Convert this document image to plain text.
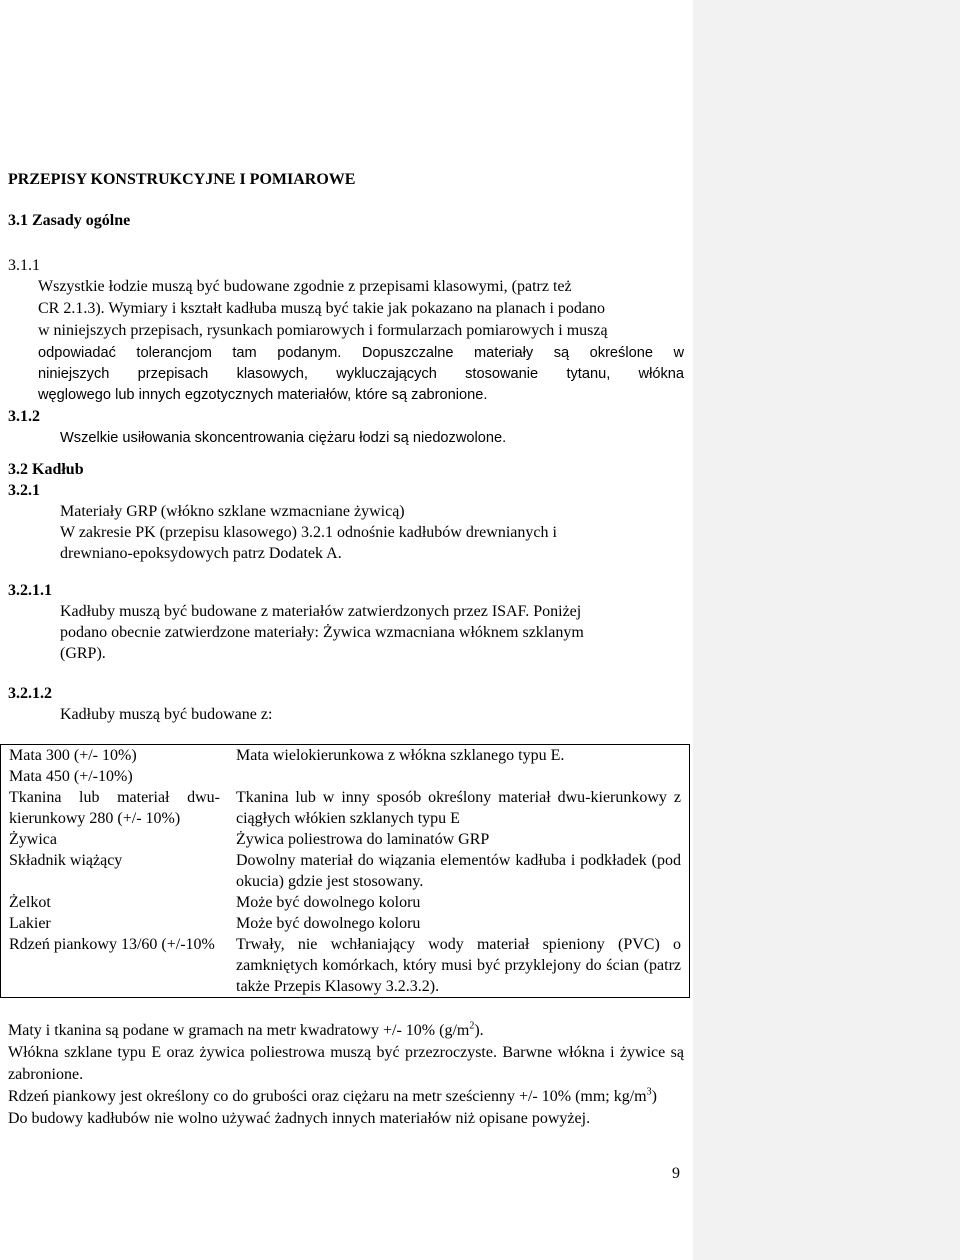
PRZEPISY KONSTRUKCYJNE I POMIAROWE
3.1 Zasady ogólne
3.1.1
Wszystkie łodzie muszą być budowane zgodnie z przepisami klasowymi, (patrz też
CR 2.1.3). Wymiary i kształt kadłuba muszą być takie jak pokazano na planach i podano
w niniejszych przepisach, rysunkach pomiarowych i formularzach pomiarowych i muszą
odpowiadać tolerancjom tam podanym. Dopuszczalne materiały są określone w
niniejszych przepisach klasowych, wykluczających stosowanie tytanu, włókna
węglowego lub innych egzotycznych materiałów, które są zabronione.
3.1.2
Wszelkie usiłowania skoncentrowania ciężaru łodzi są niedozwolone.
3.2 Kadłub
3.2.1
Materiały GRP (włókno szklane wzmacniane żywicą)
W zakresie PK (przepisu klasowego) 3.2.1 odnośnie kadłubów drewnianych i
drewniano-epoksydowych patrz Dodatek A.
3.2.1.1
Kadłuby muszą być budowane z materiałów zatwierdzonych przez ISAF. Poniżej
podano obecnie zatwierdzone materiały: Żywica wzmacniana włóknem szklanym
(GRP).
3.2.1.2
Kadłuby muszą być budowane z:
Mata 300 (+/- 10%)	Mata wielokierunkowa z włókna szklanego typu E.
Mata 450 (+/-10%)	
Tkanina lub materiał dwu-kierunkowy 280 (+/- 10%)	Tkanina lub w inny sposób określony materiał dwu-kierunkowy z ciągłych włókien szklanych typu E
Żywica	Żywica poliestrowa do laminatów GRP
Składnik wiążący	Dowolny materiał do wiązania elementów kadłuba i podkładek (pod okucia) gdzie jest stosowany.
Żelkot	Może być dowolnego koloru
Lakier	Może być dowolnego koloru
Rdzeń piankowy 13/60 (+/-10%	Trwały, nie wchłaniający wody materiał spieniony (PVC) o zamkniętych komórkach, który musi być przyklejony do ścian (patrz także Przepis Klasowy 3.2.3.2).
Maty i tkanina są podane w gramach na metr kwadratowy +/- 10% $(g/m^2)$.
Włókna szklane typu E oraz żywica poliestrowa muszą być przezroczyste. Barwne włókna i żywice są zabronione.
Rdzeń piankowy jest określony co do grubości oraz ciężaru na metr sześcienny +/- 10% (mm; $kg/m^3$)
Do budowy kadłubów nie wolno używać żadnych innych materiałów niż opisane powyżej.
9
